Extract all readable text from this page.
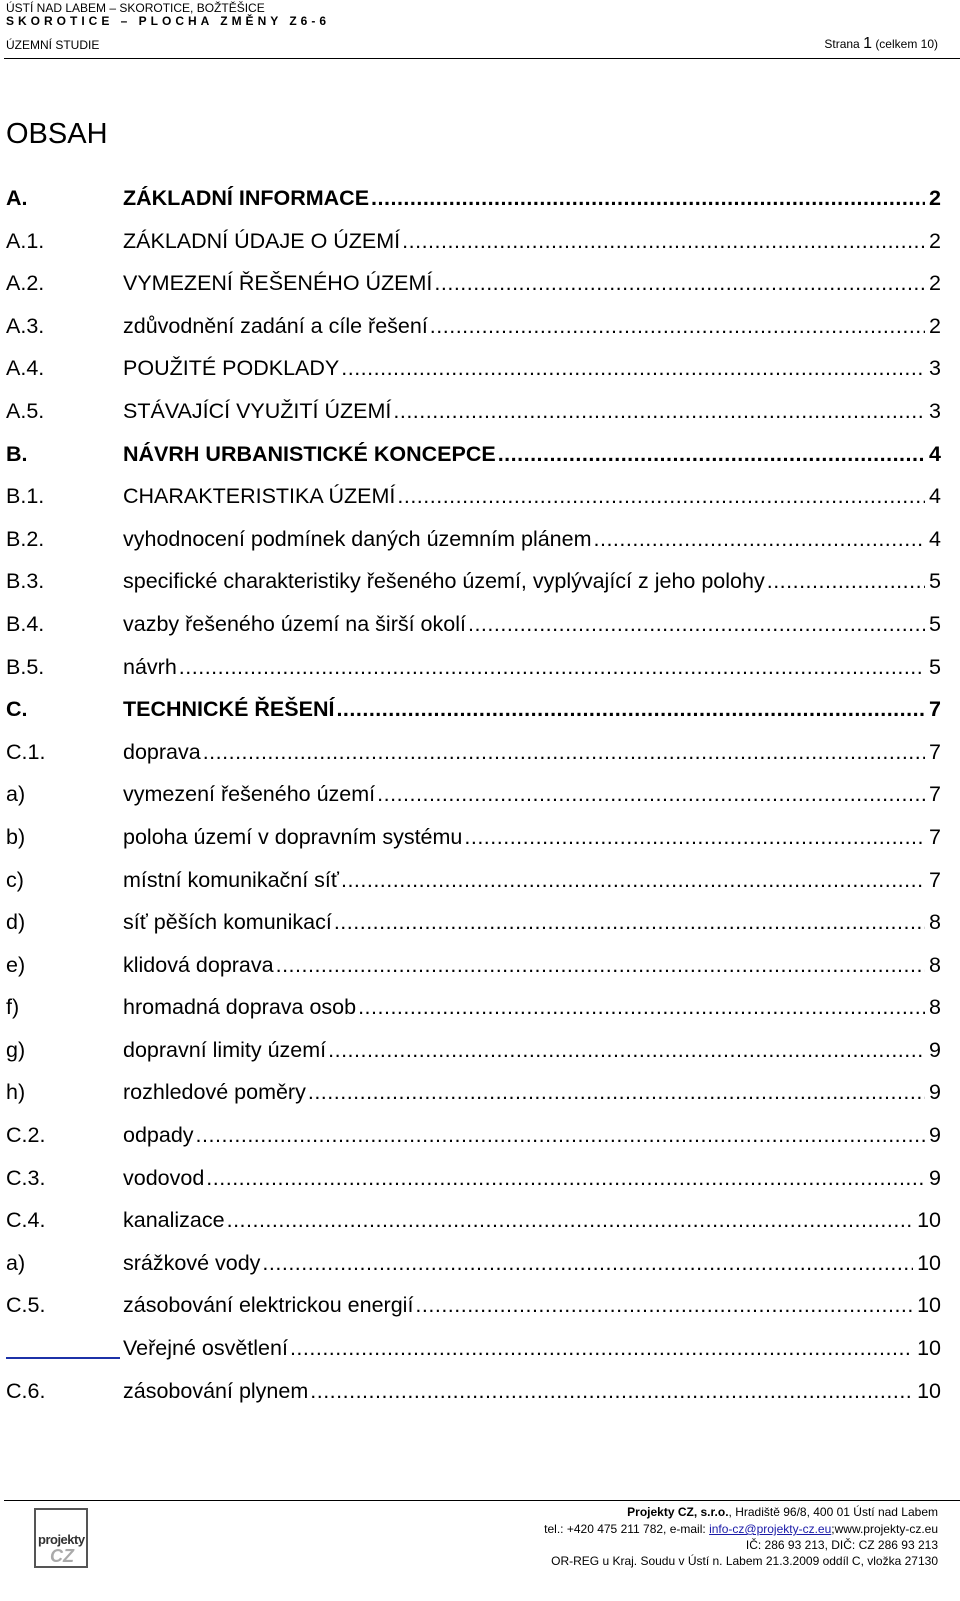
ÚSTÍ NAD LABEM – SKOROTICE, BOŽTĚŠICE
SKOROTICE – PLOCHA ZMĚNY Z6-6
ÚZEMNÍ STUDIE	Strana 1 (celkem 10)
OBSAH
A.	ZÁKLADNÍ INFORMACE .....	2
A.1.	ZÁKLADNÍ ÚDAJE O ÚZEMÍ .....	2
A.2.	VYMEZENÍ ŘEŠENÉHO ÚZEMÍ .....	2
A.3.	zdůvodnění zadání a cíle řešení .....	2
A.4.	POUŽITÉ PODKLADY .....	3
A.5.	STÁVAJÍCÍ VYUŽITÍ ÚZEMÍ .....	3
B.	NÁVRH URBANISTICKÉ KONCEPCE .....	4
B.1.	CHARAKTERISTIKA ÚZEMÍ .....	4
B.2.	vyhodnocení podmínek daných územním plánem .....	4
B.3.	specifické charakteristiky řešeného území, vyplývající z jeho polohy .....	5
B.4.	vazby řešeného území na širší okolí .....	5
B.5.	návrh .....	5
C.	TECHNICKÉ ŘEŠENÍ .....	7
C.1.	doprava .....	7
a)	vymezení řešeného území .....	7
b)	poloha území v dopravním systému .....	7
c)	místní komunikační síť .....	7
d)	síť pěších komunikací .....	8
e)	klidová doprava .....	8
f)	hromadná doprava osob .....	8
g)	dopravní limity území .....	9
h)	rozhledové poměry .....	9
C.2.	odpady .....	9
C.3.	vodovod .....	9
C.4.	kanalizace .....	10
a)	srážkové vody .....	10
C.5.	zásobování elektrickou energií .....	10
Veřejné osvětlení .....	10
C.6.	zásobování plynem .....	10
projekty
CZ
Projekty CZ, s.r.o., Hradiště 96/8, 400 01 Ústí nad Labem
tel.: +420 475 211 782, e-mail: info-cz@projekty-cz.eu;www.projekty-cz.eu
IČ: 286 93 213, DIČ: CZ 286 93 213
OR-REG u Kraj. Soudu v Ústí n. Labem 21.3.2009 oddíl C, vložka 27130
